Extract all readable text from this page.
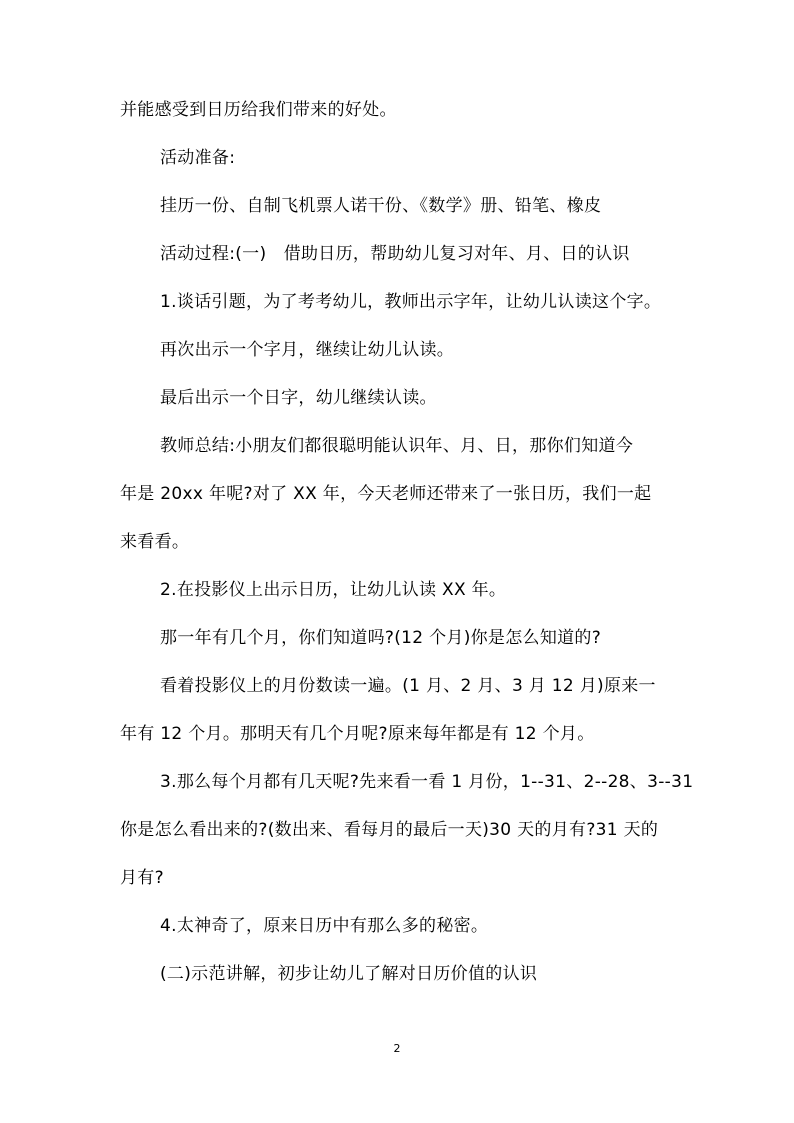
并能感受到日历给我们带来的好处。
活动准备:
挂历一份、自制飞机票人诺干份、《数学》册、铅笔、橡皮
活动过程:(一)　借助日历，帮助幼儿复习对年、月、日的认识
1.谈话引题，为了考考幼儿，教师出示字年，让幼儿认读这个字。
再次出示一个字月，继续让幼儿认读。
最后出示一个日字，幼儿继续认读。
教师总结:小朋友们都很聪明能认识年、月、日，那你们知道今
年是 20xx 年呢?对了 XX 年，今天老师还带来了一张日历，我们一起
来看看。
2.在投影仪上出示日历，让幼儿认读 XX 年。
那一年有几个月，你们知道吗?(12 个月)你是怎么知道的?
看着投影仪上的月份数读一遍。(1 月、2 月、3 月 12 月)原来一
年有 12 个月。那明天有几个月呢?原来每年都是有 12 个月。
3.那么每个月都有几天呢?先来看一看 1 月份，1--31、2--28、3--31
你是怎么看出来的?(数出来、看每月的最后一天)30 天的月有?31 天的
月有?
4.太神奇了，原来日历中有那么多的秘密。
(二)示范讲解，初步让幼儿了解对日历价值的认识
2
